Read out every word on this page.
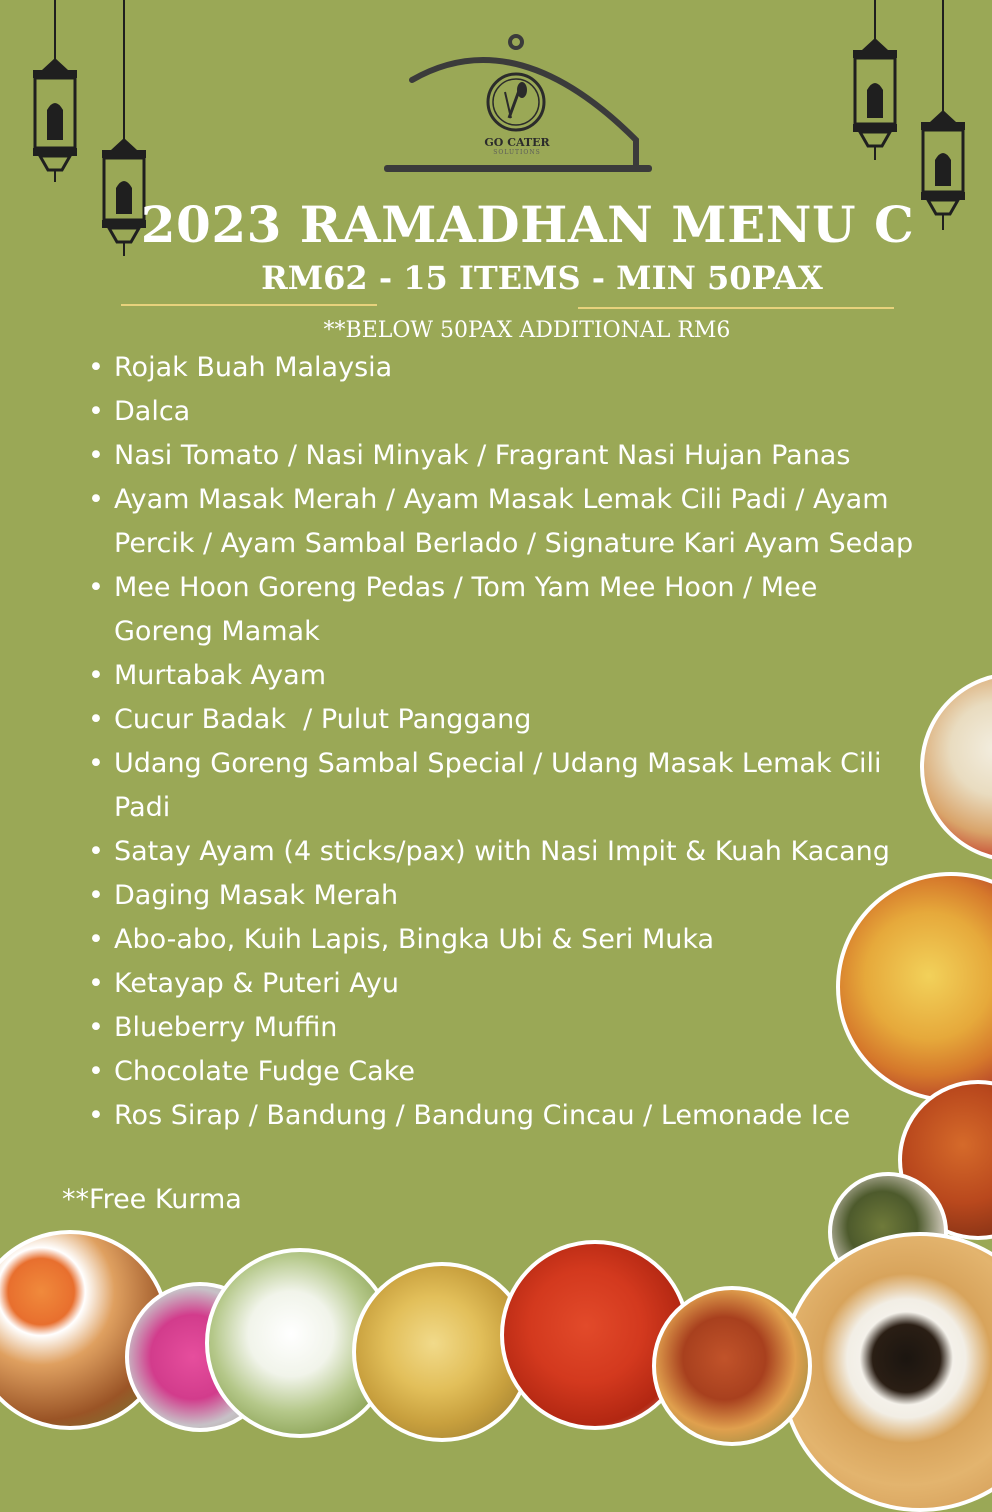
GO CATER
SOLUTIONS
2023 RAMADHAN MENU C
RM62 - 15 ITEMS - MIN 50PAX
**BELOW 50PAX ADDITIONAL RM6
• Rojak Buah Malaysia
• Dalca
• Nasi Tomato / Nasi Minyak / Fragrant Nasi Hujan Panas
• Ayam Masak Merah / Ayam Masak Lemak Cili Padi / Ayam Percik / Ayam Sambal Berlado / Signature Kari Ayam Sedap
• Mee Hoon Goreng Pedas / Tom Yam Mee Hoon / Mee Goreng Mamak
• Murtabak Ayam
• Cucur Badak  / Pulut Panggang
• Udang Goreng Sambal Special / Udang Masak Lemak Cili Padi
• Satay Ayam (4 sticks/pax) with Nasi Impit & Kuah Kacang
• Daging Masak Merah
• Abo-abo, Kuih Lapis, Bingka Ubi & Seri Muka
• Ketayap & Puteri Ayu
• Blueberry Muffin
• Chocolate Fudge Cake
• Ros Sirap / Bandung / Bandung Cincau / Lemonade Ice
**Free Kurma
